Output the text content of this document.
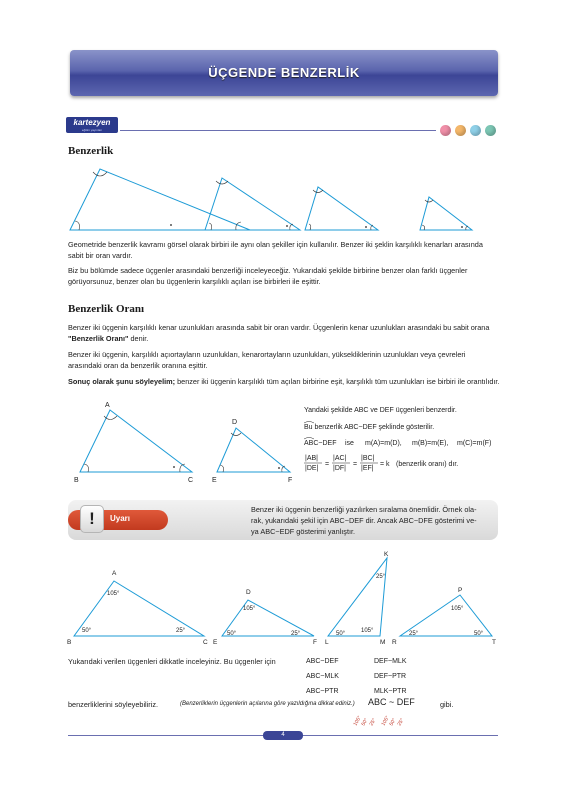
ÜÇGENDE BENZERLİK
kartezyen
eğitim yayınları
Benzerlik
Geometride benzerlik kavramı görsel olarak birbiri ile aynı olan şekiller için kullanılır. Benzer iki şeklin karşılıklı kenarları arasında sabit bir oran vardır.
Biz bu bölümde sadece üçgenler arasındaki benzerliği inceleyeceğiz. Yukarıdaki şekilde birbirine benzer olan farklı üçgenler görüyorsunuz, benzer olan bu üçgenlerin karşılıklı açıları ise birbirleri ile eşittir.
Benzerlik Oranı
Benzer iki üçgenin karşılıklı kenar uzunlukları arasında sabit bir oran vardır. Üçgenlerin kenar uzunlukları arasındaki bu sabit orana "Benzerlik Oranı" denir.
Benzer iki üçgenin, karşılıklı açıortayların uzunlukları, kenarortayların uzunlukları, yüksekliklerinin uzunlukları veya çevreleri arasındaki oran da benzerlik oranına eşittir.
Sonuç olarak şunu söyleyelim; benzer iki üçgenin karşılıklı tüm açıları birbirine eşit, karşılıklı tüm uzunlukları ise birbiri ile orantılıdır.
A
B	C
D
E	F
Yandaki şekilde ABC ve DEF üçgenleri benzerdir.
Bu benzerlik ABC~DEF şeklinde gösterilir.
ABC~DEF ise m(A)=m(D), m(B)=m(E), m(C)=m(F)
|AB|
|DE|
=
|AC|
|DF|
=
|BC|
|EF|
= k (benzerlik oranı) dır.
!	Uyarı
Benzer iki üçgenin benzerliği yazılırken sıralama önemlidir. Örnek ola-
rak, yukarıdaki şekil için ABC~DEF dir. Ancak ABC~DFE gösterimi ve-
ya ABC~EDF gösterimi yanlıştır.
A
B	C
D
E	F
K
L	M
P
R	T
105°
50°	25°
105°
50°	25°
25°
50°	105°
105°
25°	50°
Yukarıdaki verilen üçgenleri dikkatle inceleyiniz. Bu üçgenler için	ABC~DEF
ABC~MLK
ABC~PTR
DEF~MLK
DEF~PTR
MLK~PTR
benzerliklerini söyleyebiliriz.	(Benzerliklerin üçgenlerin açılarına göre yazıldığına dikkat ediniz.)	ABC ~ DEF	gibi.
105°
50° 25° 105°
50° 25°
4
